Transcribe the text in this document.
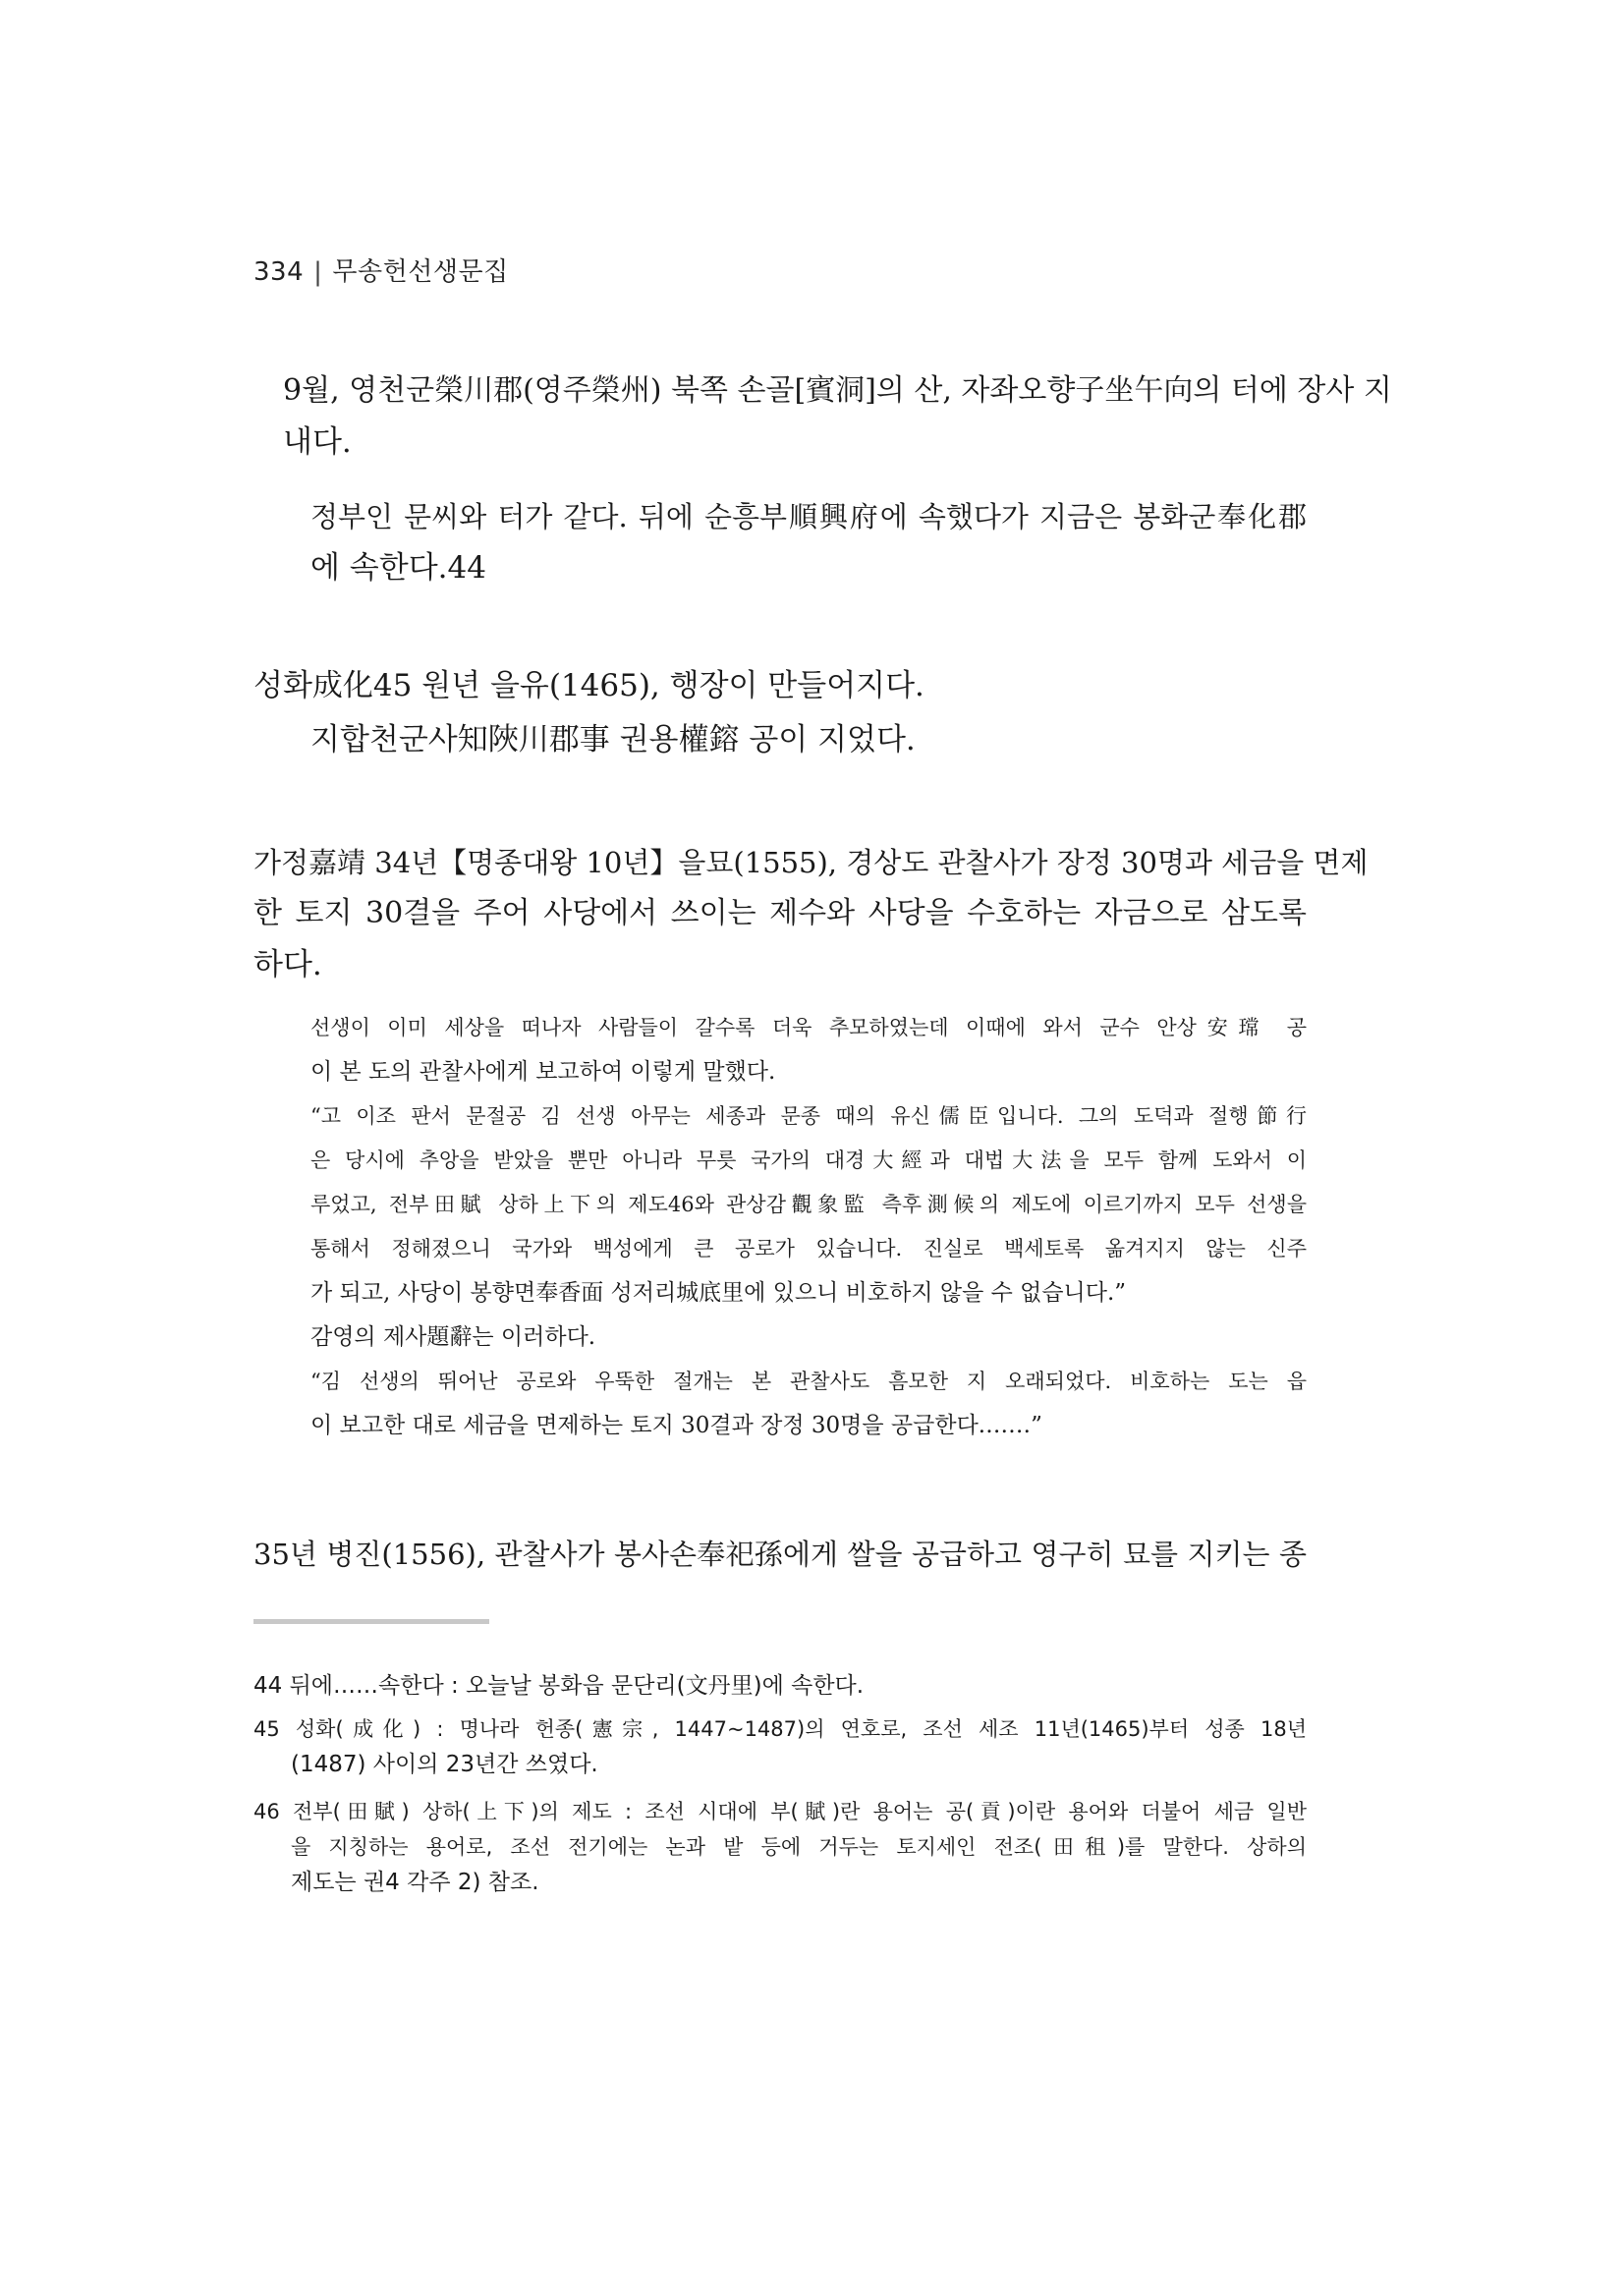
334 | 무송헌선생문집
9월, 영천군榮川郡(영주榮州) 북쪽 손골[賓洞]의 산, 자좌오향子坐午向의 터에 장사 지
내다.
정부인 문씨와 터가 같다. 뒤에 순흥부順興府에 속했다가 지금은 봉화군奉化郡
에 속한다.44
성화成化45 원년 을유(1465), 행장이 만들어지다.
지합천군사知陜川郡事 권용權鎔 공이 지었다.
가정嘉靖 34년【명종대왕 10년】을묘(1555), 경상도 관찰사가 장정 30명과 세금을 면제
한 토지 30결을 주어 사당에서 쓰이는 제수와 사당을 수호하는 자금으로 삼도록
하다.
선생이 이미 세상을 떠나자 사람들이 갈수록 더욱 추모하였는데 이때에 와서 군수 안상安瑺 공
이 본 도의 관찰사에게 보고하여 이렇게 말했다.
“고 이조 판서 문절공 김 선생 아무는 세종과 문종 때의 유신儒臣입니다. 그의 도덕과 절행節行
은 당시에 추앙을 받았을 뿐만 아니라 무릇 국가의 대경大經과 대법大法을 모두 함께 도와서 이
루었고, 전부田賦 상하上下의 제도46와 관상감觀象監 측후測候의 제도에 이르기까지 모두 선생을
통해서 정해졌으니 국가와 백성에게 큰 공로가 있습니다. 진실로 백세토록 옮겨지지 않는 신주
가 되고, 사당이 봉향면奉香面 성저리城底里에 있으니 비호하지 않을 수 없습니다.”
감영의 제사題辭는 이러하다.
“김 선생의 뛰어난 공로와 우뚝한 절개는 본 관찰사도 흠모한 지 오래되었다. 비호하는 도는 읍
이 보고한 대로 세금을 면제하는 토지 30결과 장정 30명을 공급한다.……”
35년 병진(1556), 관찰사가 봉사손奉祀孫에게 쌀을 공급하고 영구히 묘를 지키는 종
44 뒤에……속한다 : 오늘날 봉화읍 문단리(文丹里)에 속한다.
45 성화(成化) : 명나라 헌종(憲宗, 1447~1487)의 연호로, 조선 세조 11년(1465)부터 성종 18년
(1487) 사이의 23년간 쓰였다.
46 전부(田賦) 상하(上下)의 제도 : 조선 시대에 부(賦)란 용어는 공(貢)이란 용어와 더불어 세금 일반
을 지칭하는 용어로, 조선 전기에는 논과 밭 등에 거두는 토지세인 전조(田租)를 말한다. 상하의
제도는 권4 각주 2) 참조.
